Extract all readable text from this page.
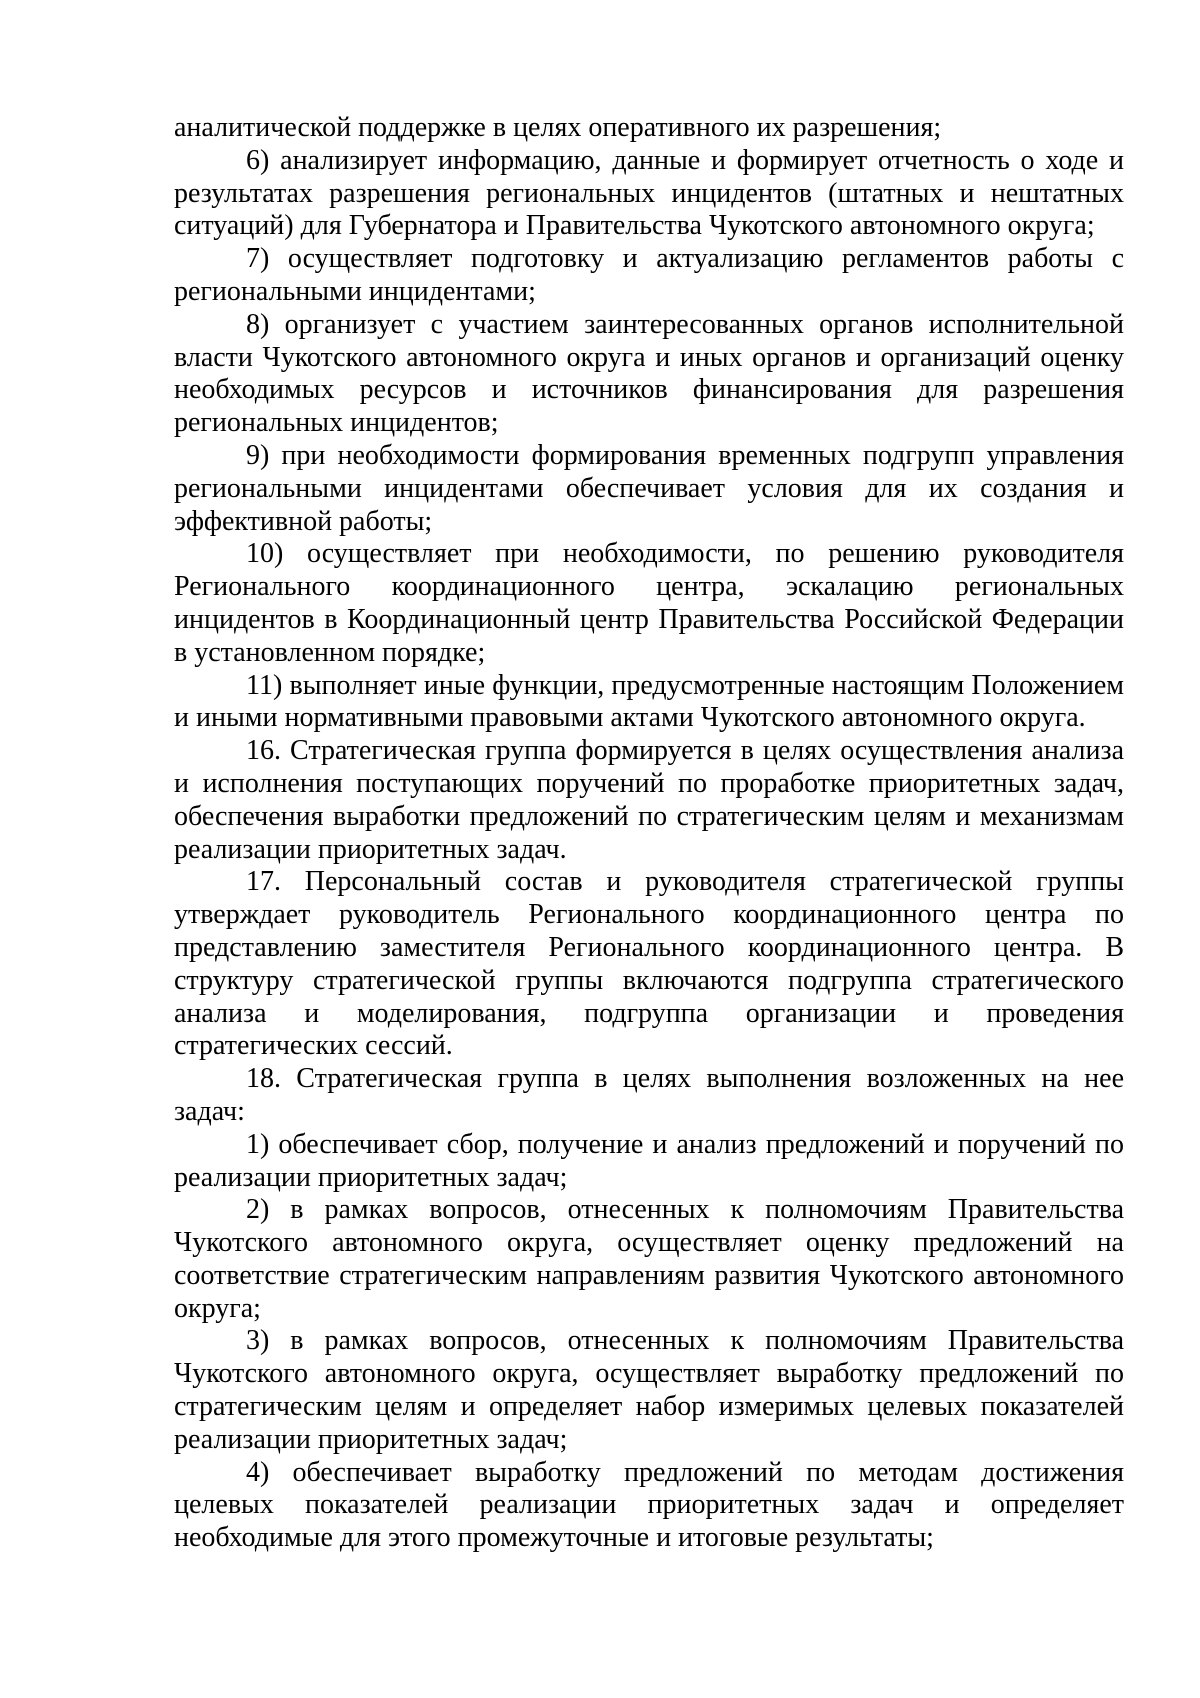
аналитической поддержке в целях оперативного их разрешения;

6) анализирует информацию, данные и формирует отчетность о ходе и результатах разрешения региональных инцидентов (штатных и нештатных ситуаций) для Губернатора и Правительства Чукотского автономного округа;

7) осуществляет подготовку и актуализацию регламентов работы с региональными инцидентами;

8) организует с участием заинтересованных органов исполнительной власти Чукотского автономного округа и иных органов и организаций оценку необходимых ресурсов и источников финансирования для разрешения региональных инцидентов;

9) при необходимости формирования временных подгрупп управления региональными инцидентами обеспечивает условия для их создания и эффективной работы;

10) осуществляет при необходимости, по решению руководителя Регионального координационного центра, эскалацию региональных инцидентов в Координационный центр Правительства Российской Федерации в установленном порядке;

11) выполняет иные функции, предусмотренные настоящим Положением и иными нормативными правовыми актами Чукотского автономного округа.

16. Стратегическая группа формируется в целях осуществления анализа и исполнения поступающих поручений по проработке приоритетных задач, обеспечения выработки предложений по стратегическим целям и механизмам реализации приоритетных задач.

17. Персональный состав и руководителя стратегической группы утверждает руководитель Регионального координационного центра по представлению заместителя Регионального координационного центра. В структуру стратегической группы включаются подгруппа стратегического анализа и моделирования, подгруппа организации и проведения стратегических сессий.

18. Стратегическая группа в целях выполнения возложенных на нее задач:

1) обеспечивает сбор, получение и анализ предложений и поручений по реализации приоритетных задач;

2) в рамках вопросов, отнесенных к полномочиям Правительства Чукотского автономного округа, осуществляет оценку предложений на соответствие стратегическим направлениям развития Чукотского автономного округа;

3) в рамках вопросов, отнесенных к полномочиям Правительства Чукотского автономного округа, осуществляет выработку предложений по стратегическим целям и определяет набор измеримых целевых показателей реализации приоритетных задач;

4) обеспечивает выработку предложений по методам достижения целевых показателей реализации приоритетных задач и определяет необходимые для этого промежуточные и итоговые результаты;
